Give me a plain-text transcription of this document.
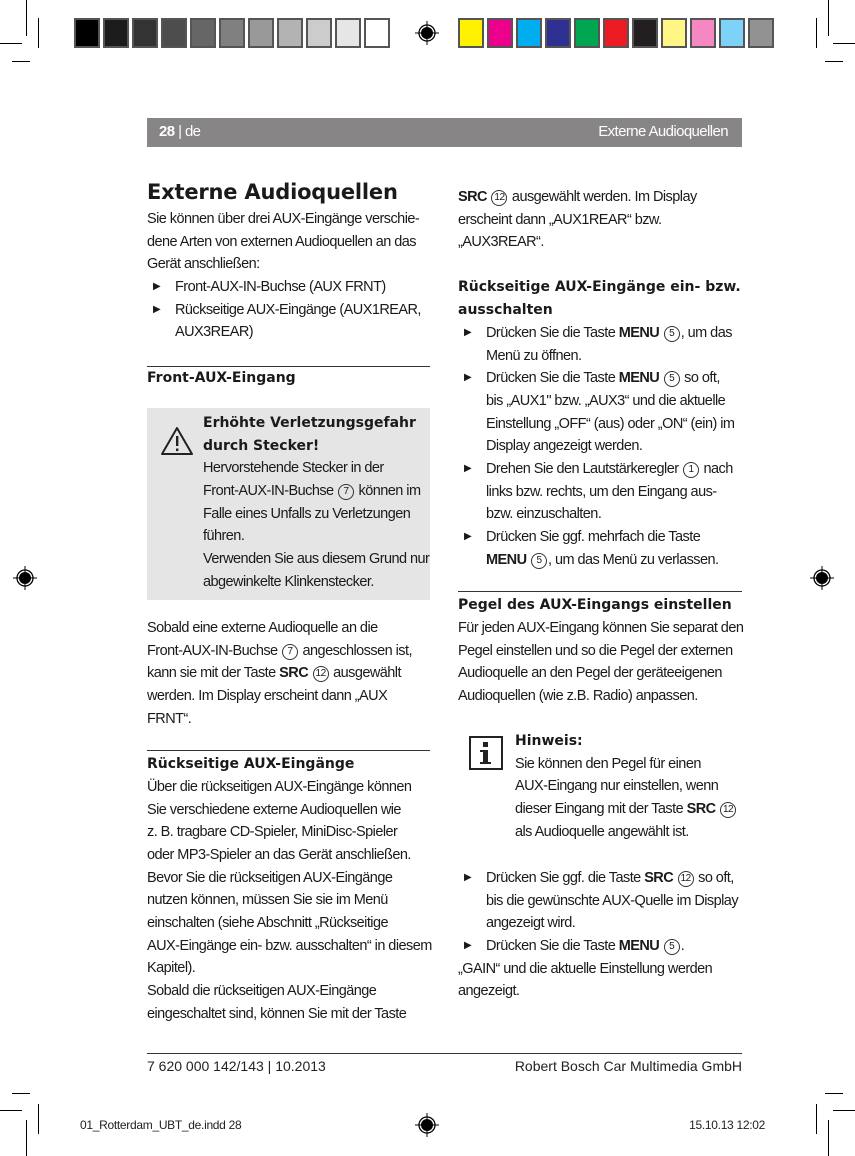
28 | de	Externe Audioquellen
Externe Audioquellen
Sie können über drei AUX-Eingänge verschie-
dene Arten von externen Audioquellen an das
Gerät anschließen:
▶ Front-AUX-IN-Buchse (AUX FRNT)
▶ Rückseitige AUX-Eingänge (AUX1REAR,
AUX3REAR)
Front-AUX-Eingang
Erhöhte Verletzungsgefahr
durch Stecker!
Hervorstehende Stecker in der
Front-AUX-IN-Buchse 7 können im
Falle eines Unfalls zu Verletzungen
führen.
Verwenden Sie aus diesem Grund nur
abgewinkelte Klinkenstecker.
Sobald eine externe Audioquelle an die
Front-AUX-IN-Buchse 7 angeschlossen ist,
kann sie mit der Taste SRC 12 ausgewählt
werden. Im Display erscheint dann „AUX
FRNT“.
Rückseitige AUX-Eingänge
Über die rückseitigen AUX-Eingänge können
Sie verschiedene externe Audioquellen wie
z. B. tragbare CD-Spieler, MiniDisc-Spieler
oder MP3-Spieler an das Gerät anschließen.
Bevor Sie die rückseitigen AUX-Eingänge
nutzen können, müssen Sie sie im Menü
einschalten (siehe Abschnitt „Rückseitige
AUX-Eingänge ein- bzw. ausschalten“ in diesem
Kapitel).
Sobald die rückseitigen AUX-Eingänge
eingeschaltet sind, können Sie mit der Taste
SRC 12 ausgewählt werden. Im Display
erscheint dann „AUX1REAR“ bzw.
„AUX3REAR“.
Rückseitige AUX-Eingänge ein- bzw.
ausschalten
▶ Drücken Sie die Taste MENU 5 , um das
Menü zu öffnen.
▶ Drücken Sie die Taste MENU 5 so oft,
bis „AUX1" bzw. „AUX3“ und die aktuelle
Einstellung „OFF“ (aus) oder „ON“ (ein) im
Display angezeigt werden.
▶ Drehen Sie den Lautstärkeregler 1 nach
links bzw. rechts, um den Eingang aus-
bzw. einzuschalten.
▶ Drücken Sie ggf. mehrfach die Taste
MENU 5 , um das Menü zu verlassen.
Pegel des AUX-Eingangs einstellen
Für jeden AUX-Eingang können Sie separat den
Pegel einstellen und so die Pegel der externen
Audioquelle an den Pegel der geräteeigenen
Audioquellen (wie z.B. Radio) anpassen.
Hinweis:
Sie können den Pegel für einen
AUX-Eingang nur einstellen, wenn
dieser Eingang mit der Taste SRC 12
als Audioquelle angewählt ist.
▶ Drücken Sie ggf. die Taste SRC 12 so oft,
bis die gewünschte AUX-Quelle im Display
angezeigt wird.
▶ Drücken Sie die Taste MENU 5 .
„GAIN“ und die aktuelle Einstellung werden
angezeigt.
7 620 000 142/143 | 10.2013	Robert Bosch Car Multimedia GmbH
01_Rotterdam_UBT_de.indd 28	15.10.13 12:02
